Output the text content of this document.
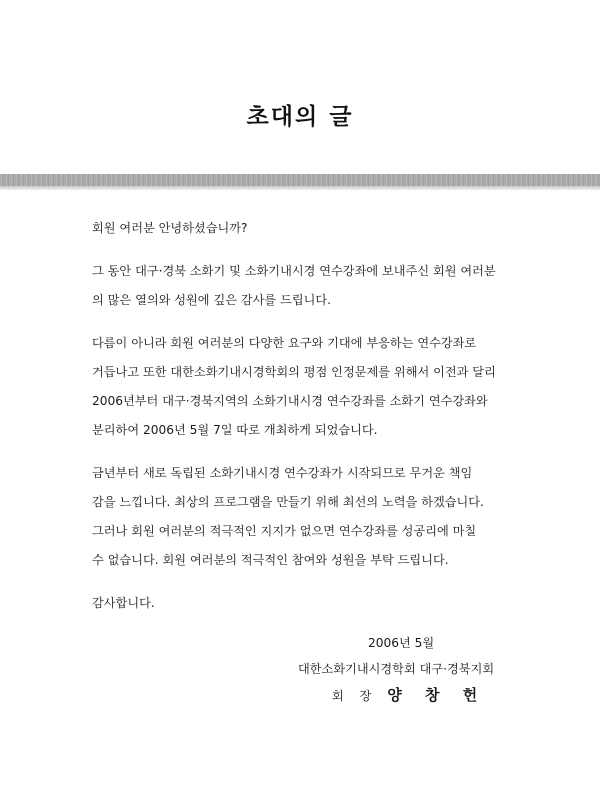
초대의 글

회원 여러분 안녕하셨습니까?

그 동안 대구·경북 소화기 및 소화기내시경 연수강좌에 보내주신 회원 여러분
의 많은 열의와 성원에 깊은 감사를 드립니다.

다름이 아니라 회원 여러분의 다양한 요구와 기대에 부응하는 연수강좌로
거듭나고 또한 대한소화기내시경학회의 평점 인정문제를 위해서 이전과 달리
2006년부터 대구·경북지역의 소화기내시경 연수강좌를 소화기 연수강좌와
분리하여 2006년 5월 7일 따로 개최하게 되었습니다.

금년부터 새로 독립된 소화기내시경 연수강좌가 시작되므로 무거운 책임
감을 느낍니다. 최상의 프로그램을 만들기 위해 최선의 노력을 하겠습니다.
그러나 회원 여러분의 적극적인 지지가 없으면 연수강좌를 성공리에 마칠
수 없습니다. 회원 여러분의 적극적인 참여와 성원을 부탁 드립니다.

감사합니다.

2006년 5월
대한소화기내시경학회 대구·경북지회
회 장 양 창 헌
